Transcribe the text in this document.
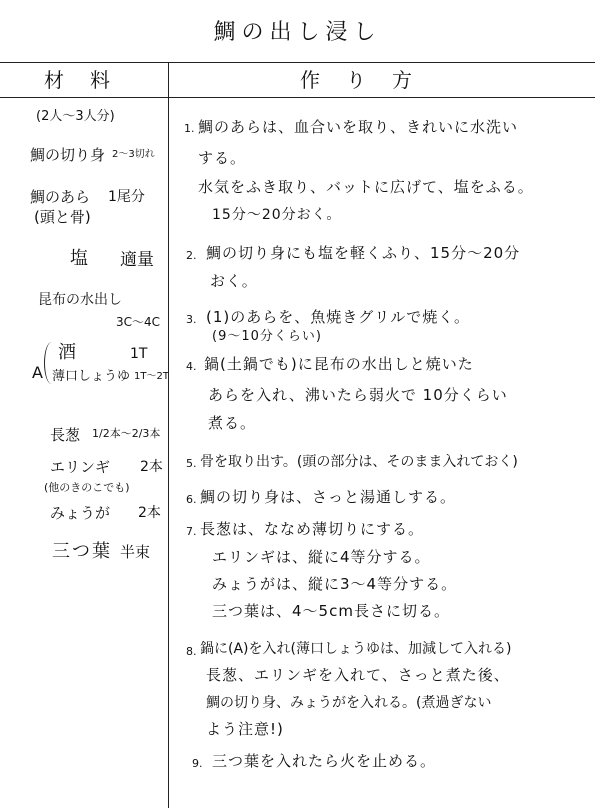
鯛の出し浸し
材料	作り方
(2人〜3人分)
鯛の切り身 2〜3切れ
鯛のあら 1尾分
(頭と骨)
塩 適量
昆布の水出し
3C〜4C
A
酒	1T
薄口しょうゆ 1T〜2T
長葱 1/2本〜2/3本
エリンギ 2本
(他のきのこでも)
みょうが 2本
三つ葉 半束
1. 鯛のあらは、血合いを取り、きれいに水洗い
する。
水気をふき取り、バットに広げて、塩をふる。
15分〜20分おく。
2. 鯛の切り身にも塩を軽くふり、15分〜20分
おく。
3. (1)のあらを、魚焼きグリルで焼く。
(9〜10分くらい)
4. 鍋(土鍋でも)に昆布の水出しと焼いた
あらを入れ、沸いたら弱火で 10分くらい
煮る。
5. 骨を取り出す。(頭の部分は、そのまま入れておく)
6. 鯛の切り身は、さっと湯通しする。
7. 長葱は、ななめ薄切りにする。
エリンギは、縦に4等分する。
みょうがは、縦に3〜4等分する。
三つ葉は、4〜5cm長さに切る。
8. 鍋に(A)を入れ(薄口しょうゆは、加減して入れる)
長葱、エリンギを入れて、さっと煮た後、
鯛の切り身、みょうがを入れる。(煮過ぎない
よう注意!)
9. 三つ葉を入れたら火を止める。
